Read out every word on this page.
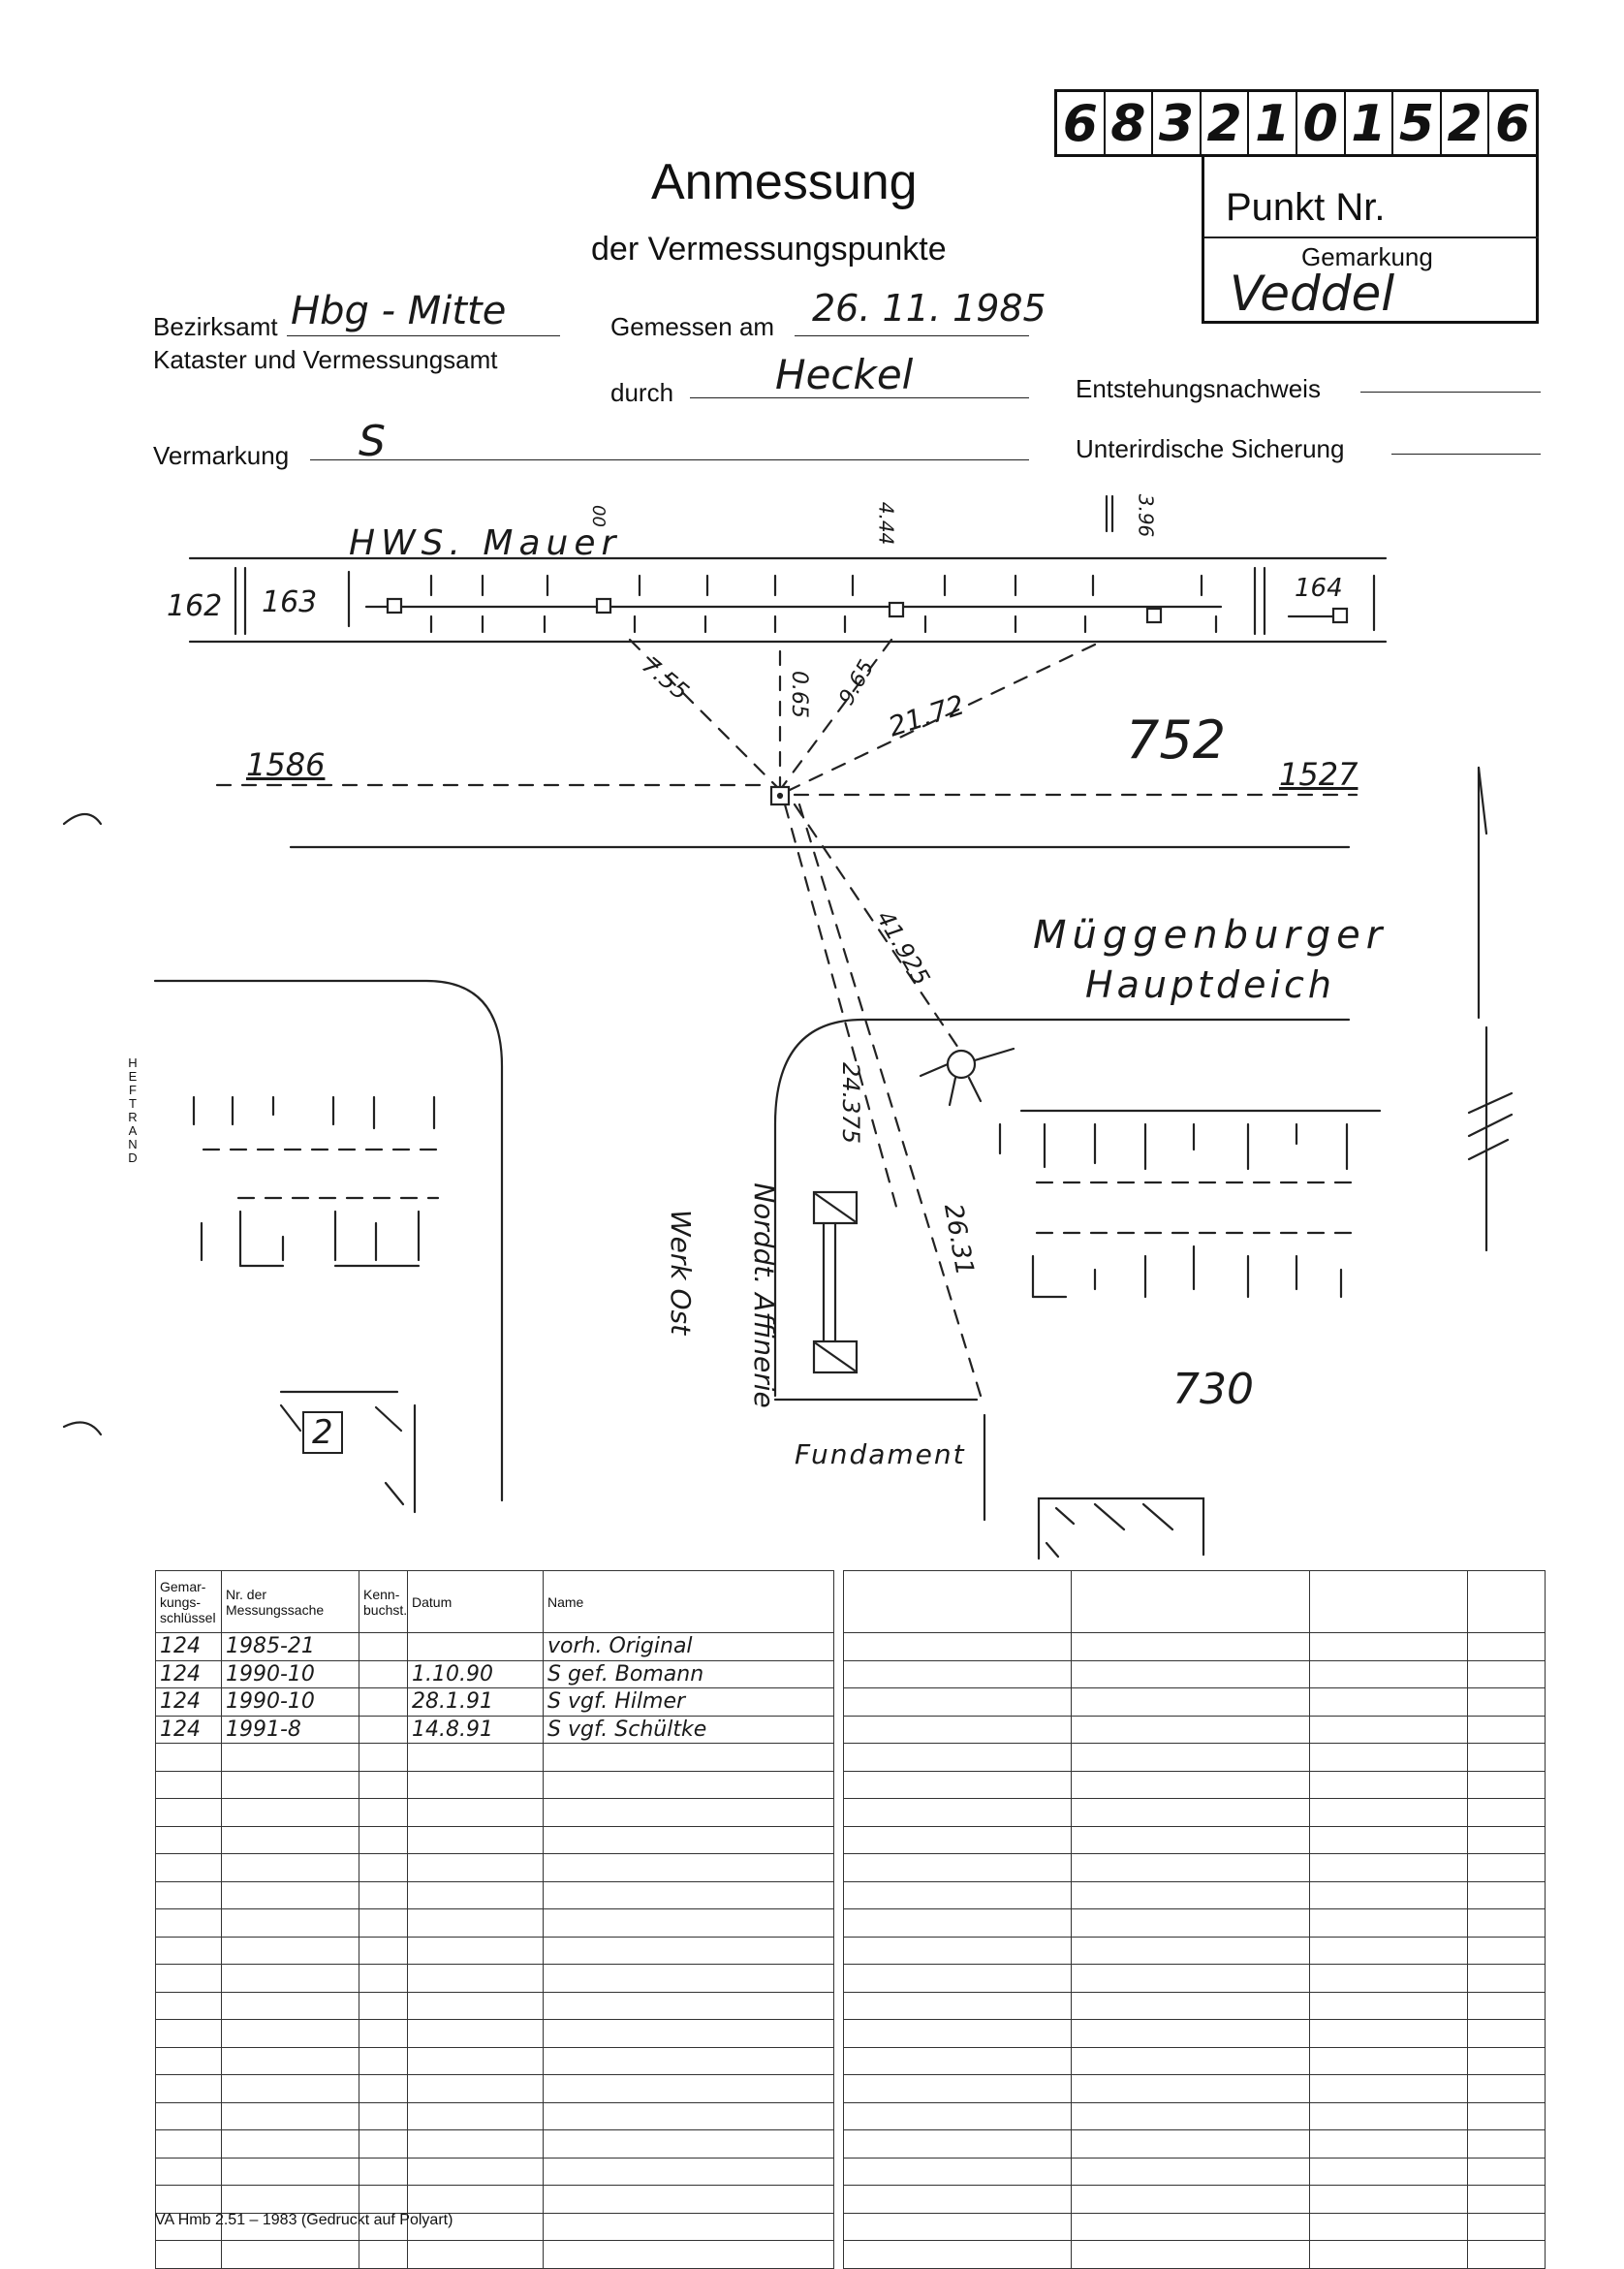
6 8 3 2 1 0 1 5 2 6
Punkt Nr.
Gemarkung
Veddel
Anmessung
der Vermessungspunkte
Bezirksamt Hbg - Mitte
Kataster und Vermessungsamt
Gemessen am 26. 11. 1985
durch Heckel	Entstehungsnachweis
Vermarkung S	Unterirdische Sicherung
HEFTRAND
HWS. Mauer
00	4.44	3.96
162 163	164
7.55	0.65 9.65
21.72	752
1586	1527
Müggenburger
Hauptdeich
41.925
24.375
26.31
Norddt. Affinerie
Werk Ost
Fundament
730
2
Gemar-kungs-schlüssel	Nr. der Messungssache	Kenn-buchst.	Datum	Name
124	1985-21			vorh. Original
124	1990-10		1.10.90	S gef. Bomann
124	1990-10		28.1.91	S vgf. Hilmer
124	1991-8		14.8.91	S vgf. Schültke

VA Hmb 2.51 – 1983 (Gedruckt auf Polyart)
